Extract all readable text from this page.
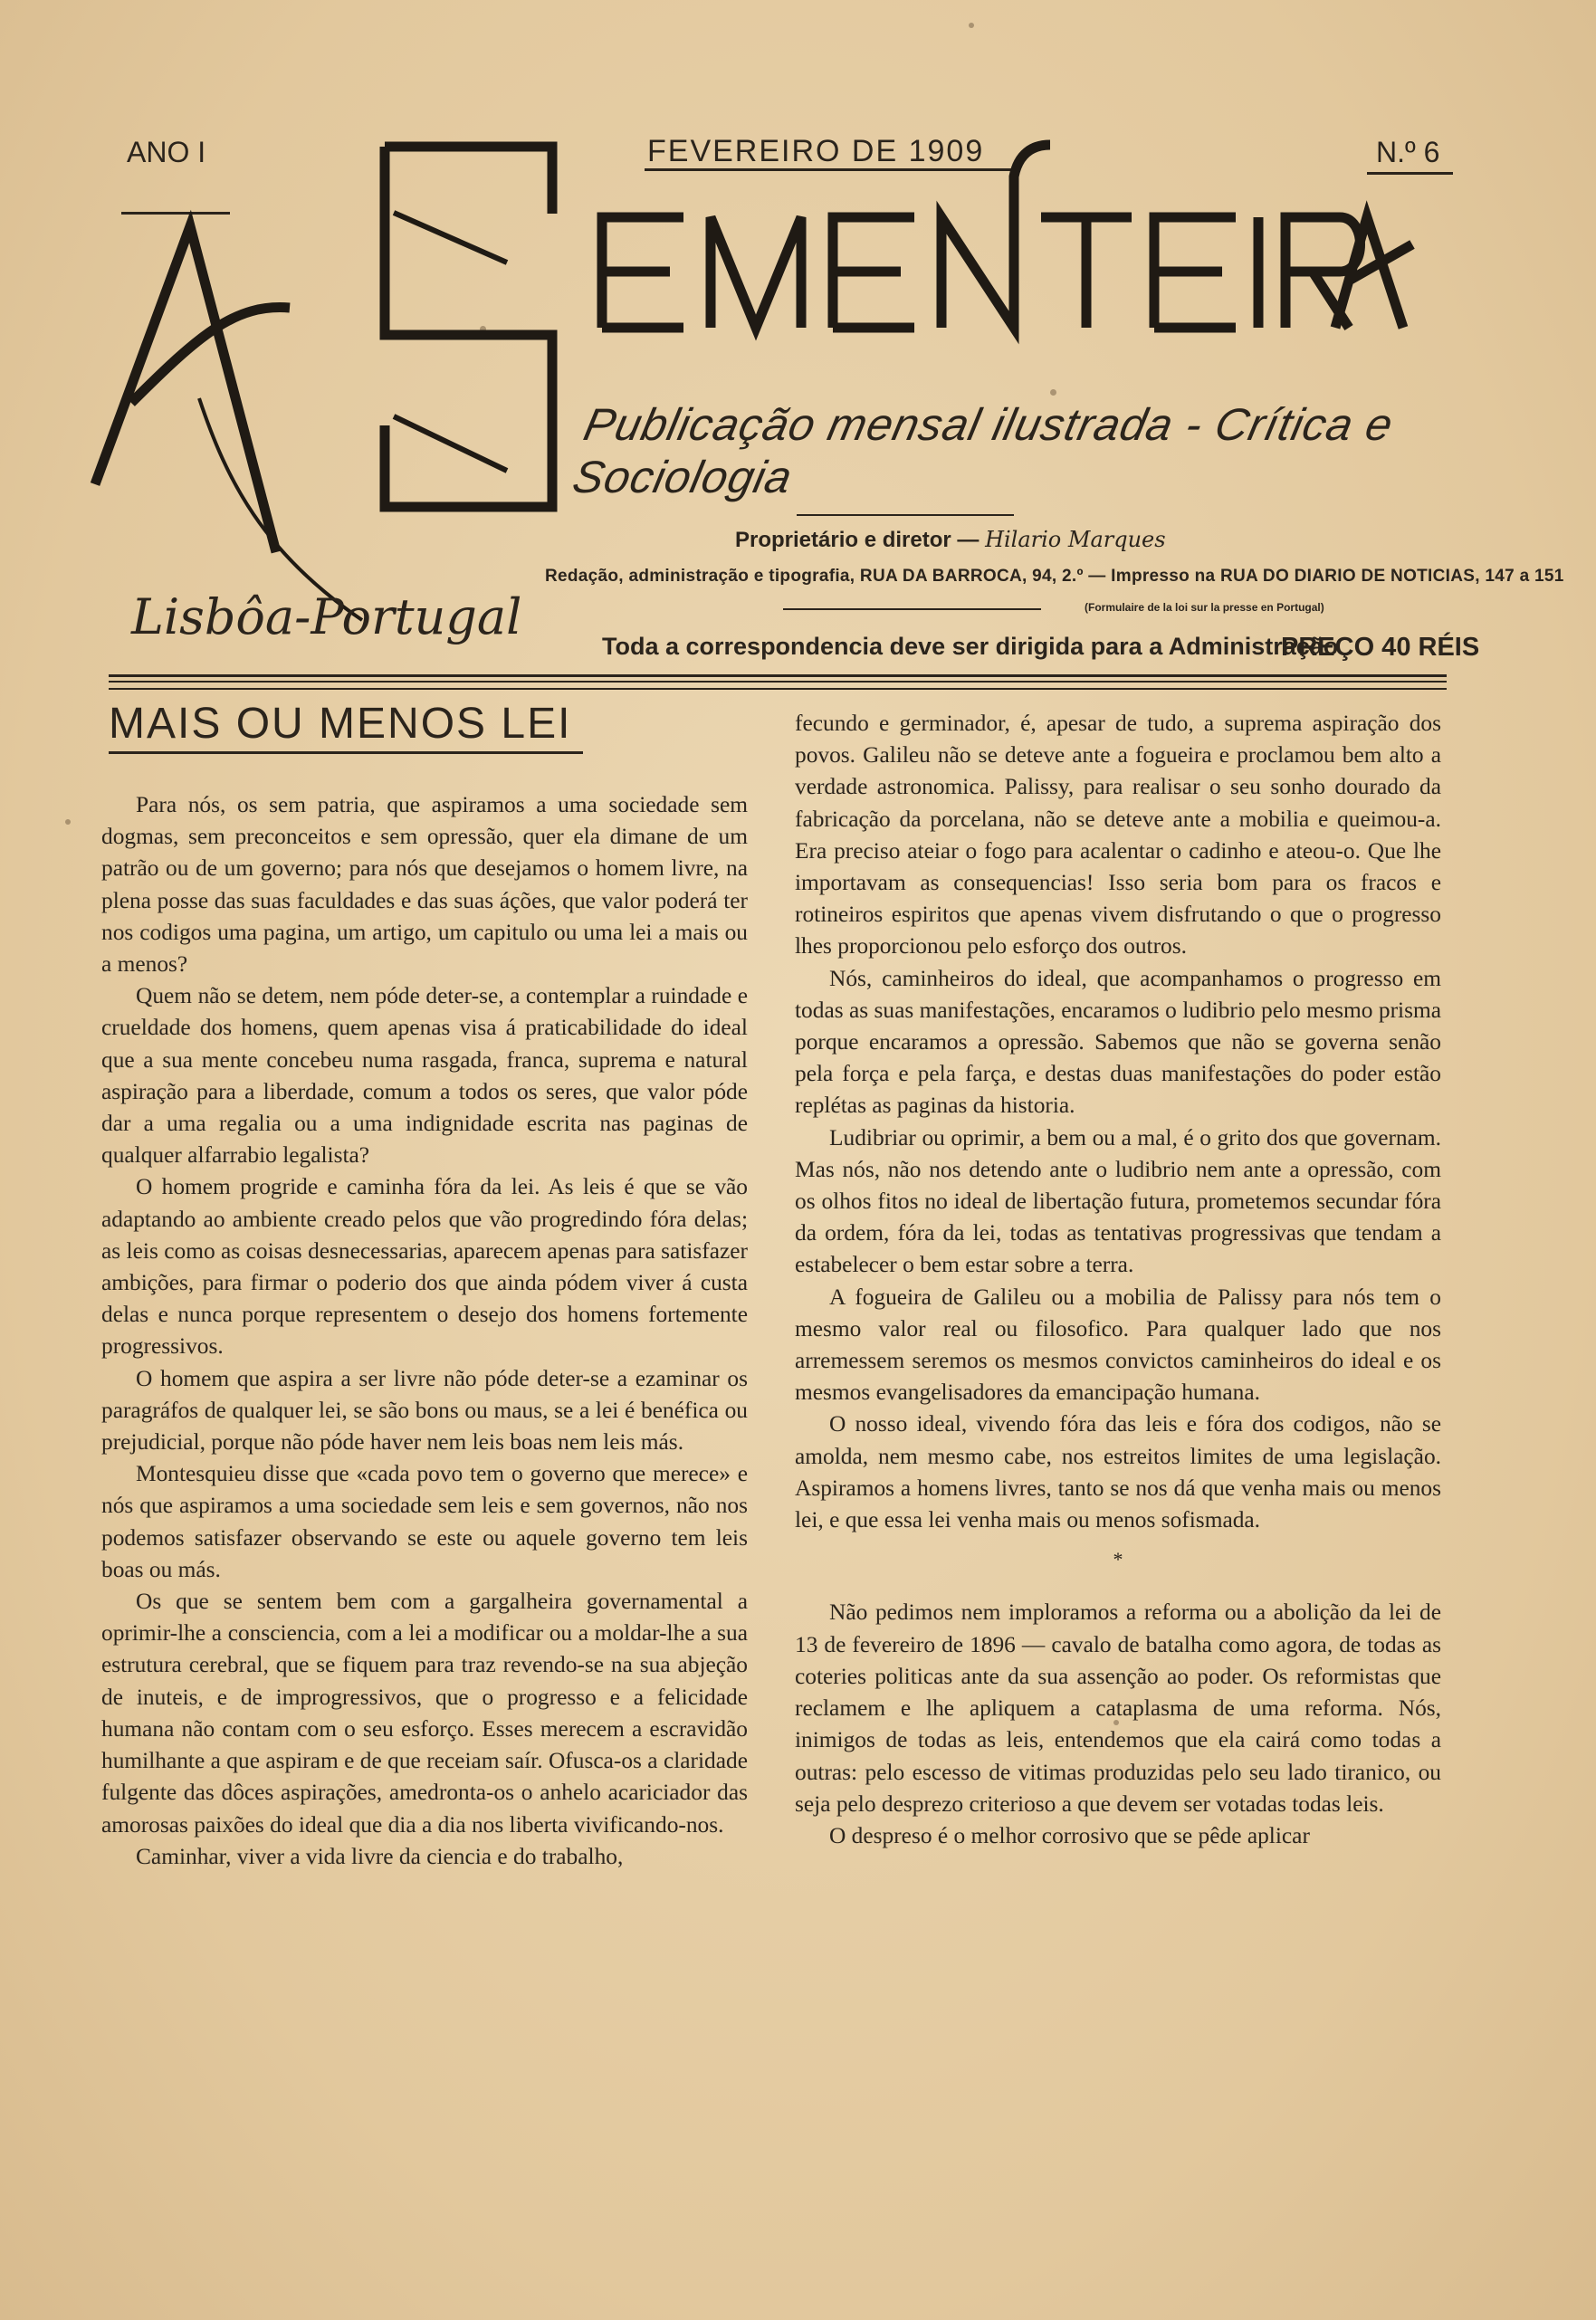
ANO I	FEVEREIRO DE 1909	N.º 6
Publicação mensal ilustrada - Crítica e Sociologia
Lisbôa-Portugal
Proprietário e diretor — Hilario Marques
Redação, administração e tipografia, RUA DA BARROCA, 94, 2.º — Impresso na RUA DO DIARIO DE NOTICIAS, 147 a 151
(Formulaire de la loi sur la presse en Portugal)
Toda a correspondencia deve ser dirigida para a Administração
PREÇO 40 RÉIS
MAIS OU MENOS LEI

Para nós, os sem patria, que aspiramos a uma sociedade sem dogmas, sem preconceitos e sem opressão, quer ela dimane de um patrão ou de um governo; para nós que desejamos o homem livre, na plena posse das suas faculdades e das suas áções, que valor poderá ter nos codigos uma pagina, um artigo, um capitulo ou uma lei a mais ou a menos?

Quem não se detem, nem póde deter-se, a contemplar a ruindade e crueldade dos homens, quem apenas visa á praticabilidade do ideal que a sua mente concebeu numa rasgada, franca, suprema e natural aspiração para a liberdade, comum a todos os seres, que valor póde dar a uma regalia ou a uma indignidade escrita nas paginas de qualquer alfarrabio legalista?

O homem progride e caminha fóra da lei. As leis é que se vão adaptando ao ambiente creado pelos que vão progredindo fóra delas; as leis como as coisas desnecessarias, aparecem apenas para satisfazer ambições, para firmar o poderio dos que ainda pódem viver á custa delas e nunca porque representem o desejo dos homens fortemente progressivos.

O homem que aspira a ser livre não póde deter-se a ezaminar os paragráfos de qualquer lei, se são bons ou maus, se a lei é benéfica ou prejudicial, porque não póde haver nem leis boas nem leis más.

Montesquieu disse que «cada povo tem o governo que merece» e nós que aspiramos a uma sociedade sem leis e sem governos, não nos podemos satisfazer observando se este ou aquele governo tem leis boas ou más.

Os que se sentem bem com a gargalheira governamental a oprimir-lhe a consciencia, com a lei a modificar ou a moldar-lhe a sua estrutura cerebral, que se fiquem para traz revendo-se na sua abjeção de inuteis, e de improgressivos, que o progresso e a felicidade humana não contam com o seu esforço. Esses merecem a escravidão humilhante a que aspiram e de que receiam saír. Ofusca-os a claridade fulgente das dôces aspirações, amedronta-os o anhelo acariciador das amorosas paixões do ideal que dia a dia nos liberta vivificando-nos.

Caminhar, viver a vida livre da ciencia e do trabalho,

fecundo e germinador, é, apesar de tudo, a suprema aspiração dos povos. Galileu não se deteve ante a fogueira e proclamou bem alto a verdade astronomica. Palissy, para realisar o seu sonho dourado da fabricação da porcelana, não se deteve ante a mobilia e queimou-a. Era preciso ateiar o fogo para acalentar o cadinho e ateou-o. Que lhe importavam as consequencias! Isso seria bom para os fracos e rotineiros espiritos que apenas vivem disfrutando o que o progresso lhes proporcionou pelo esforço dos outros.

Nós, caminheiros do ideal, que acompanhamos o progresso em todas as suas manifestações, encaramos o ludibrio pelo mesmo prisma porque encaramos a opressão. Sabemos que não se governa senão pela força e pela farça, e destas duas manifestações do poder estão replétas as paginas da historia.

Ludibriar ou oprimir, a bem ou a mal, é o grito dos que governam. Mas nós, não nos detendo ante o ludibrio nem ante a opressão, com os olhos fitos no ideal de libertação futura, prometemos secundar fóra da ordem, fóra da lei, todas as tentativas progressivas que tendam a estabelecer o bem estar sobre a terra.

A fogueira de Galileu ou a mobilia de Palissy para nós tem o mesmo valor real ou filosofico. Para qualquer lado que nos arremessem seremos os mesmos convictos caminheiros do ideal e os mesmos evangelisadores da emancipação humana.

O nosso ideal, vivendo fóra das leis e fóra dos codigos, não se amolda, nem mesmo cabe, nos estreitos limites de uma legislação. Aspiramos a homens livres, tanto se nos dá que venha mais ou menos lei, e que essa lei venha mais ou menos sofismada.

*

Não pedimos nem imploramos a reforma ou a abolição da lei de 13 de fevereiro de 1896 — cavalo de batalha como agora, de todas as coteries politicas ante da sua assenção ao poder. Os reformistas que reclamem e lhe apliquem a cataplasma de uma reforma. Nós, inimigos de todas as leis, entendemos que ela cairá como todas a outras: pelo escesso de vitimas produzidas pelo seu lado tiranico, ou seja pelo desprezo criterioso a que devem ser votadas todas leis.

O despreso é o melhor corrosivo que se pêde aplicar
